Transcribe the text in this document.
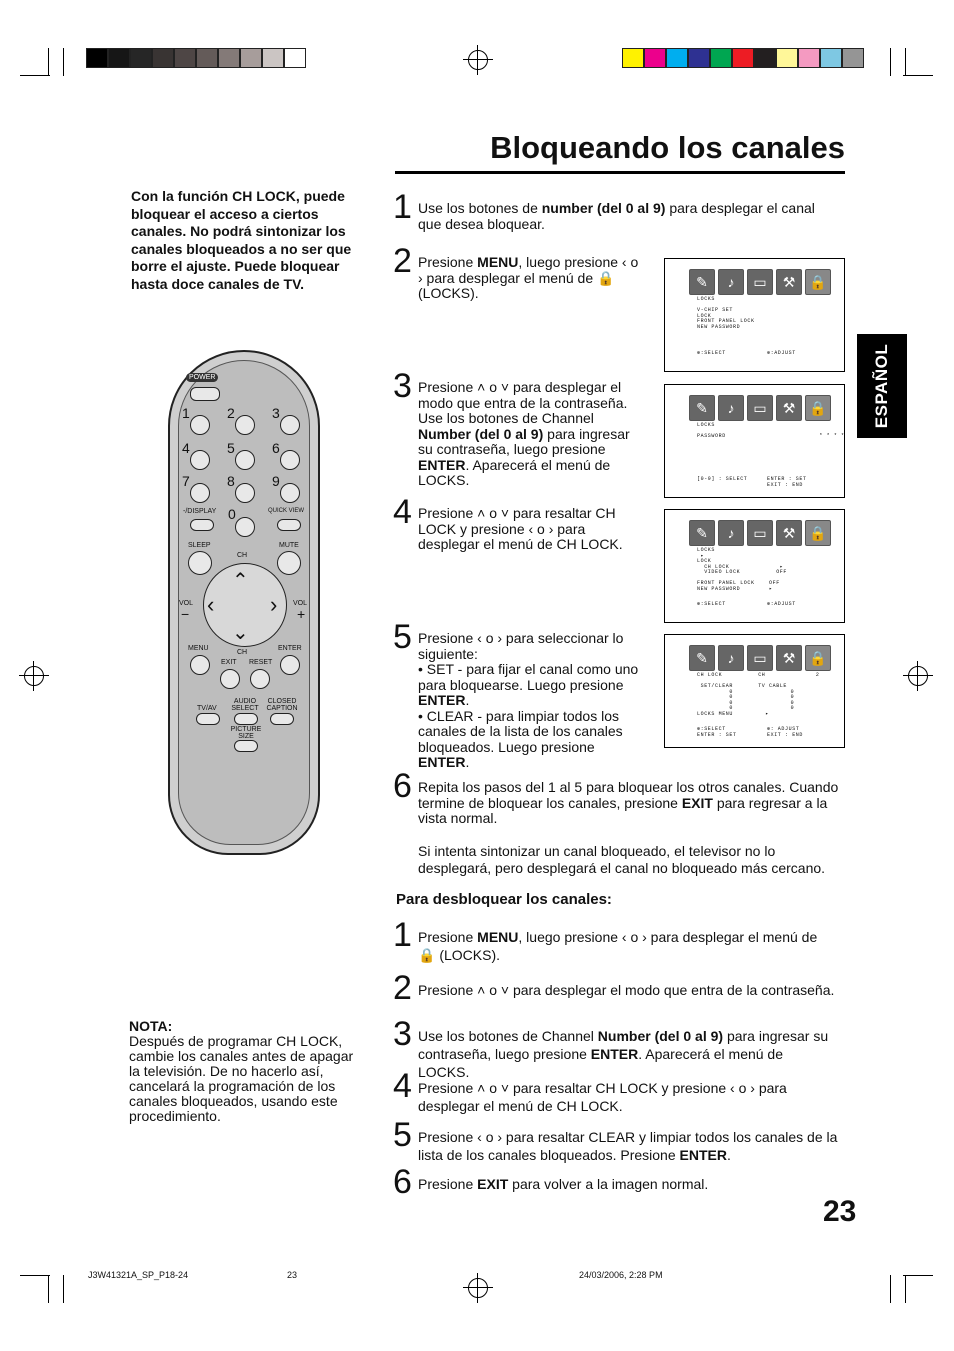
Bloqueando los canales
Con la función CH LOCK, puede bloquear el acceso a ciertos canales. No podrá sintonizar los canales bloqueados a no ser que borre el ajuste. Puede bloquear hasta doce canales de TV.
ESPAÑOL
POWER
1	2	3
4	5	6
7	8	9
-/DISPLAY 0	QUICK VIEW
SLEEP	MUTE
CH
⌃
⌄
‹	›
VOL
−
VOL
+
CH
MENU	ENTER
EXIT RESET
AUDIO SELECT
CLOSED CAPTION
TV/AV
PICTURE SIZE
1 Use los botones de number (del 0 al 9) para desplegar el canal que desea bloquear.
2 Presione MENU, luego presione ‹ o › para desplegar el menú de 🔒 (LOCKS).
3 Presione ˄ o ˅ para desplegar el modo que entra de la contraseña. Use los botones de Channel Number (del 0 al 9) para ingresar su contraseña, luego presione ENTER. Aparecerá el menú de LOCKS.
4 Presione ˄ o ˅ para resaltar CH LOCK y presione ‹ o › para desplegar el menú de CH LOCK.
5 Presione ‹ o › para seleccionar lo siguiente:
• SET - para fijar el canal como uno para bloquearse. Luego presione ENTER.
• CLEAR - para limpiar todos los canales de la lista de los canales bloqueados. Luego presione ENTER.
6 Repita los pasos del 1 al 5 para bloquear los otros canales. Cuando termine de bloquear los canales, presione EXIT para regresar a la vista normal.
Si intenta sintonizar un canal bloqueado, el televisor no lo desplegará, pero desplegará el canal no bloqueado más cercano.
Para desbloquear los canales:
1 Presione MENU, luego presione ‹ o › para desplegar el menú de 🔒 (LOCKS).
2 Presione ˄ o ˅ para desplegar el modo que entra de la contraseña.
3 Use los botones de Channel Number (del 0 al 9) para ingresar su contraseña, luego presione ENTER. Aparecerá el menú de LOCKS.
4 Presione ˄ o ˅ para resaltar CH LOCK y presione ‹ o › para desplegar el menú de CH LOCK.
5 Presione ‹ o › para resaltar CLEAR y limpiar todos los canales de la lista de los canales bloqueados. Presione ENTER.
6 Presione EXIT para volver a la imagen normal.
✎	♪	▭	⚒	🔒
LOCKS

V-CHIP SET
LOCK
FRONT PANEL LOCK
NEW PASSWORD
⊕:SELECT	⊕:ADJUST
✎	♪	▭	⚒	🔒
LOCKS

PASSWORD                          * * * *
[0-9] : SELECT	ENTER : SET
EXIT : END
✎	♪	▭	⚒	🔒
LOCKS
▸
LOCK
CH LOCK              ▸
VIDEO LOCK          OFF

FRONT PANEL LOCK    OFF
NEW PASSWORD        ▸
⊕:SELECT	⊕:ADJUST
✎	♪	▭	⚒	🔒
CH LOCK          CH              2

SET/CLEAR       TV CABLE
0                0
0                0
0                0
0                0
LOCKS MENU         ▸
⊕:SELECT
ENTER : SET
⊕: ADJUST
EXIT : END
NOTA:
Después de programar CH LOCK, cambie los canales antes de apagar la televisión. De no hacerlo así, cancelará la programación de los canales bloqueados, usando este procedimiento.
23
J3W41321A_SP_P18-24	23	24/03/2006, 2:28 PM
